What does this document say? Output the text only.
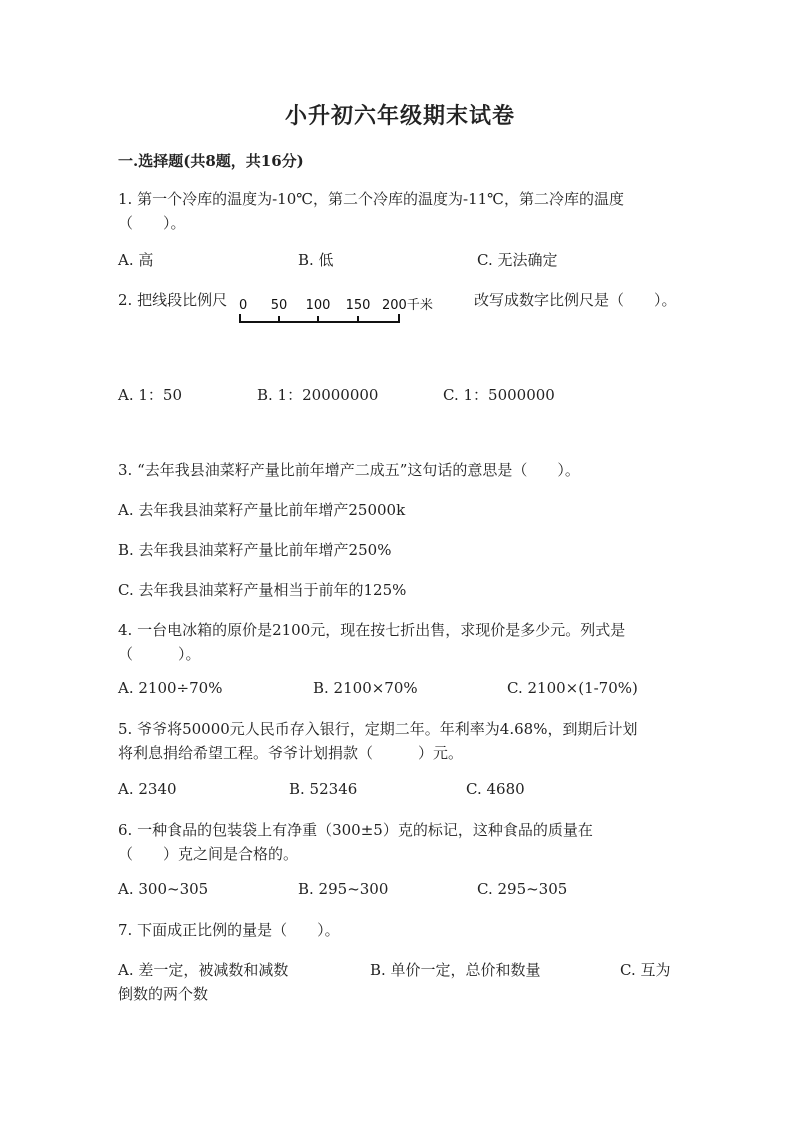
小升初六年级期末试卷
一.选择题(共8题，共16分)
1. 第一个冷库的温度为-10℃，第二个冷库的温度为-11℃，第二冷库的温度
（　　）。
A. 高	B. 低	C. 无法确定
2. 把线段比例尺 0 50 100 150 200千米	改写成数字比例尺是（　　）。
A. 1：50	B. 1：20000000	C. 1：5000000
3. “去年我县油菜籽产量比前年增产二成五”这句话的意思是（　　）。
A. 去年我县油菜籽产量比前年增产25000k
B. 去年我县油菜籽产量比前年增产250%
C. 去年我县油菜籽产量相当于前年的125%
4. 一台电冰箱的原价是2100元，现在按七折出售，求现价是多少元。列式是
（　　　）。
A. 2100÷70%	B. 2100×70%	C. 2100×(1-70%)
5. 爷爷将50000元人民币存入银行，定期二年。年利率为4.68%，到期后计划
将利息捐给希望工程。爷爷计划捐款（　　　）元。
A. 2340	B. 52346	C. 4680
6. 一种食品的包装袋上有净重（300±5）克的标记，这种食品的质量在
（　　）克之间是合格的。
A. 300~305	B. 295~300	C. 295~305
7. 下面成正比例的量是（　　）。
A. 差一定，被减数和减数	B. 单价一定，总价和数量	C. 互为
倒数的两个数
